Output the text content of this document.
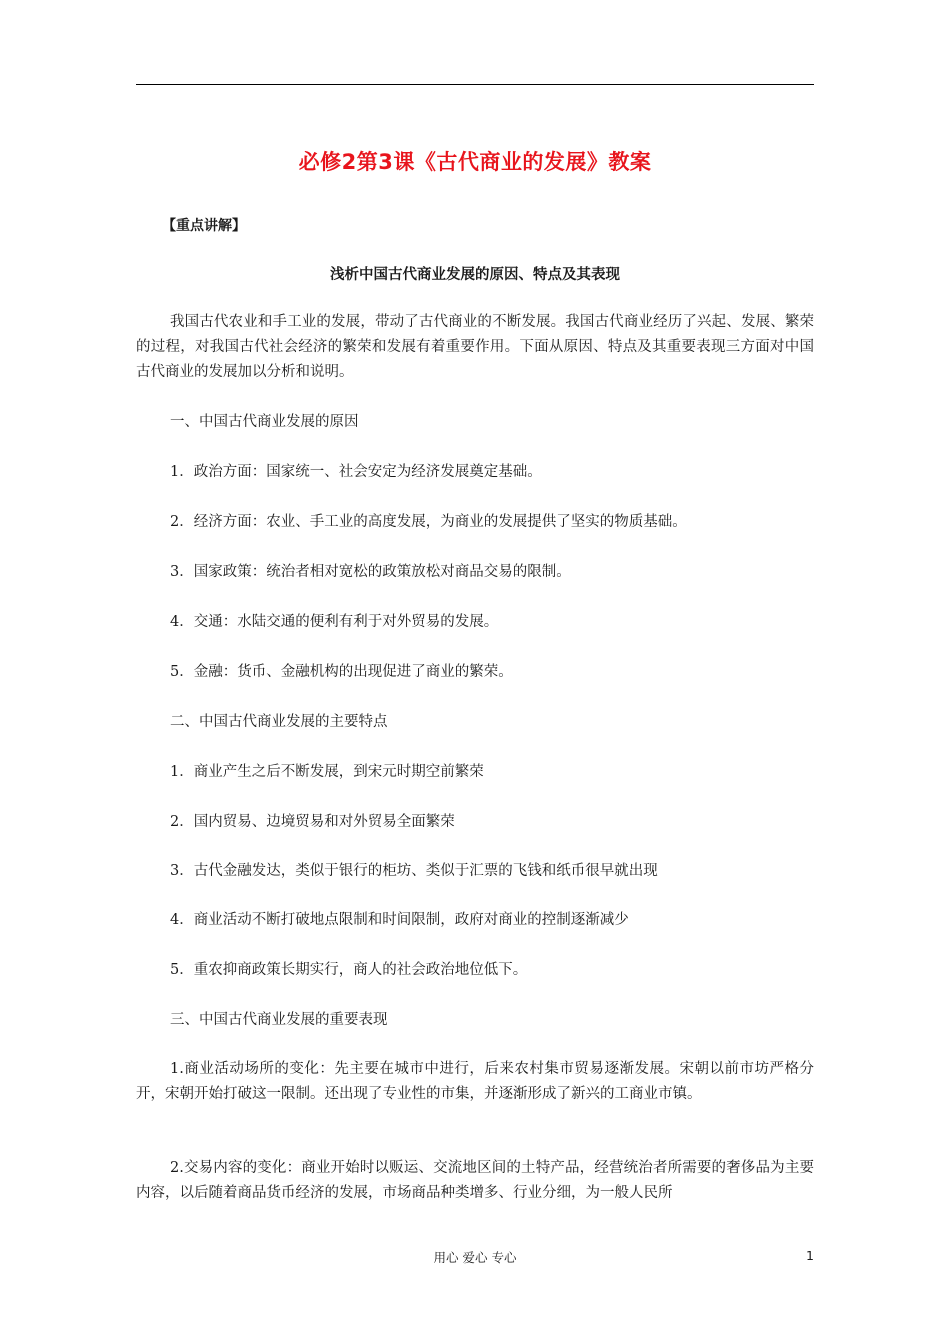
必修2第3课《古代商业的发展》教案
【重点讲解】
浅析中国古代商业发展的原因、特点及其表现
我国古代农业和手工业的发展，带动了古代商业的不断发展。我国古代商业经历了兴起、发展、繁荣的过程，对我国古代社会经济的繁荣和发展有着重要作用。下面从原因、特点及其重要表现三方面对中国古代商业的发展加以分析和说明。
一、中国古代商业发展的原因
1．政治方面：国家统一、社会安定为经济发展奠定基础。
2．经济方面：农业、手工业的高度发展，为商业的发展提供了坚实的物质基础。
3．国家政策：统治者相对宽松的政策放松对商品交易的限制。
4．交通：水陆交通的便利有利于对外贸易的发展。
5．金融：货币、金融机构的出现促进了商业的繁荣。
二、中国古代商业发展的主要特点
1．商业产生之后不断发展，到宋元时期空前繁荣
2．国内贸易、边境贸易和对外贸易全面繁荣
3．古代金融发达，类似于银行的柜坊、类似于汇票的飞钱和纸币很早就出现
4．商业活动不断打破地点限制和时间限制，政府对商业的控制逐渐减少
5．重农抑商政策长期实行，商人的社会政治地位低下。
三、中国古代商业发展的重要表现
1.商业活动场所的变化：先主要在城市中进行，后来农村集市贸易逐渐发展。宋朝以前市坊严格分开，宋朝开始打破这一限制。还出现了专业性的市集，并逐渐形成了新兴的工商业市镇。
2.交易内容的变化：商业开始时以贩运、交流地区间的土特产品，经营统治者所需要的奢侈品为主要内容，以后随着商品货币经济的发展，市场商品种类增多、行业分细，为一般人民所
用心 爱心 专心	1
